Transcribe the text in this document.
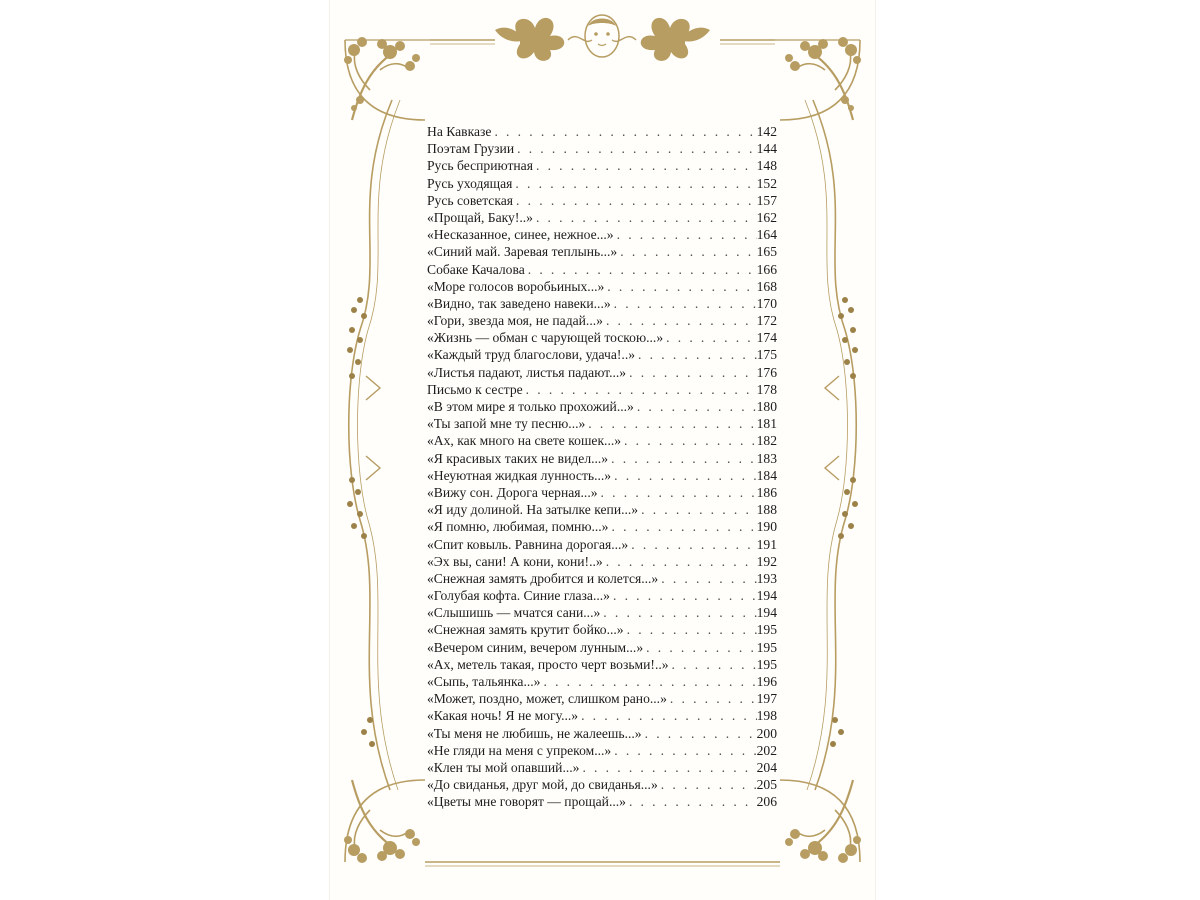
На Кавказе . . .	142
Поэтам Грузии . . .	144
Русь бесприютная . . .	148
Русь уходящая . . .	152
Русь советская . . .	157
«Прощай, Баку!..» . . .	162
«Несказанное, синее, нежное...» . . .	164
«Синий май. Заревая теплынь...» . . .	165
Собаке Качалова . . .	166
«Море голосов воробьиных...» . . .	168
«Видно, так заведено навеки...» . . .	170
«Гори, звезда моя, не падай...» . . .	172
«Жизнь — обман с чарующей тоскою...» . . .	174
«Каждый труд благослови, удача!..» . . .	175
«Листья падают, листья падают...» . . .	176
Письмо к сестре . . .	178
«В этом мире я только прохожий...» . . .	180
«Ты запой мне ту песню...» . . .	181
«Ах, как много на свете кошек...» . . .	182
«Я красивых таких не видел...» . . .	183
«Неуютная жидкая лунность...» . . .	184
«Вижу сон. Дорога черная...» . . .	186
«Я иду долиной. На затылке кепи...» . . .	188
«Я помню, любимая, помню...» . . .	190
«Спит ковыль. Равнина дорогая...» . . .	191
«Эх вы, сани! А кони, кони!..» . . .	192
«Снежная замять дробится и колется...» . . .	193
«Голубая кофта. Синие глаза...» . . .	194
«Слышишь — мчатся сани...» . . .	194
«Снежная замять крутит бойко...» . . .	195
«Вечером синим, вечером лунным...» . . .	195
«Ах, метель такая, просто черт возьми!..» . . .	195
«Сыпь, тальянка...» . . .	196
«Может, поздно, может, слишком рано...» . . .	197
«Какая ночь! Я не могу...» . . .	198
«Ты меня не любишь, не жалеешь...» . . .	200
«Не гляди на меня с упреком...» . . .	202
«Клен ты мой опавший...» . . .	204
«До свиданья, друг мой, до свиданья...» . . .	205
«Цветы мне говорят — прощай...» . . .	206
